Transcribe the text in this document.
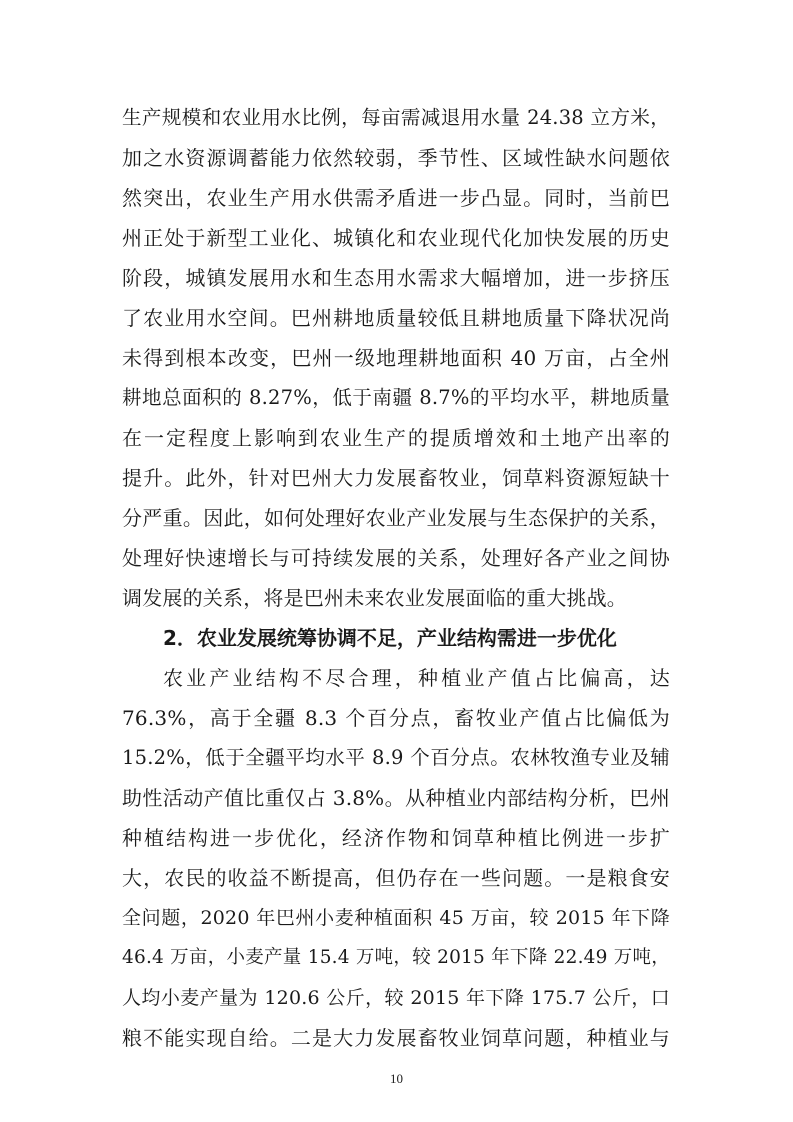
生产规模和农业用水比例，每亩需减退用水量 24.38 立方米，
加之水资源调蓄能力依然较弱，季节性、区域性缺水问题依
然突出，农业生产用水供需矛盾进一步凸显。同时，当前巴
州正处于新型工业化、城镇化和农业现代化加快发展的历史
阶段，城镇发展用水和生态用水需求大幅增加，进一步挤压
了农业用水空间。巴州耕地质量较低且耕地质量下降状况尚
未得到根本改变，巴州一级地理耕地面积 40 万亩，占全州
耕地总面积的 8.27%，低于南疆 8.7%的平均水平，耕地质量
在一定程度上影响到农业生产的提质增效和土地产出率的
提升。此外，针对巴州大力发展畜牧业，饲草料资源短缺十
分严重。因此，如何处理好农业产业发展与生态保护的关系，
处理好快速增长与可持续发展的关系，处理好各产业之间协
调发展的关系，将是巴州未来农业发展面临的重大挑战。
2．农业发展统筹协调不足，产业结构需进一步优化
农业产业结构不尽合理，种植业产值占比偏高，达
76.3%，高于全疆 8.3 个百分点，畜牧业产值占比偏低为
15.2%，低于全疆平均水平 8.9 个百分点。农林牧渔专业及辅
助性活动产值比重仅占 3.8%。从种植业内部结构分析，巴州
种植结构进一步优化，经济作物和饲草种植比例进一步扩
大，农民的收益不断提高，但仍存在一些问题。一是粮食安
全问题，2020 年巴州小麦种植面积 45 万亩，较 2015 年下降
46.4 万亩，小麦产量 15.4 万吨，较 2015 年下降 22.49 万吨，
人均小麦产量为 120.6 公斤，较 2015 年下降 175.7 公斤，口
10
粮不能实现自给。二是大力发展畜牧业饲草问题，种植业与
